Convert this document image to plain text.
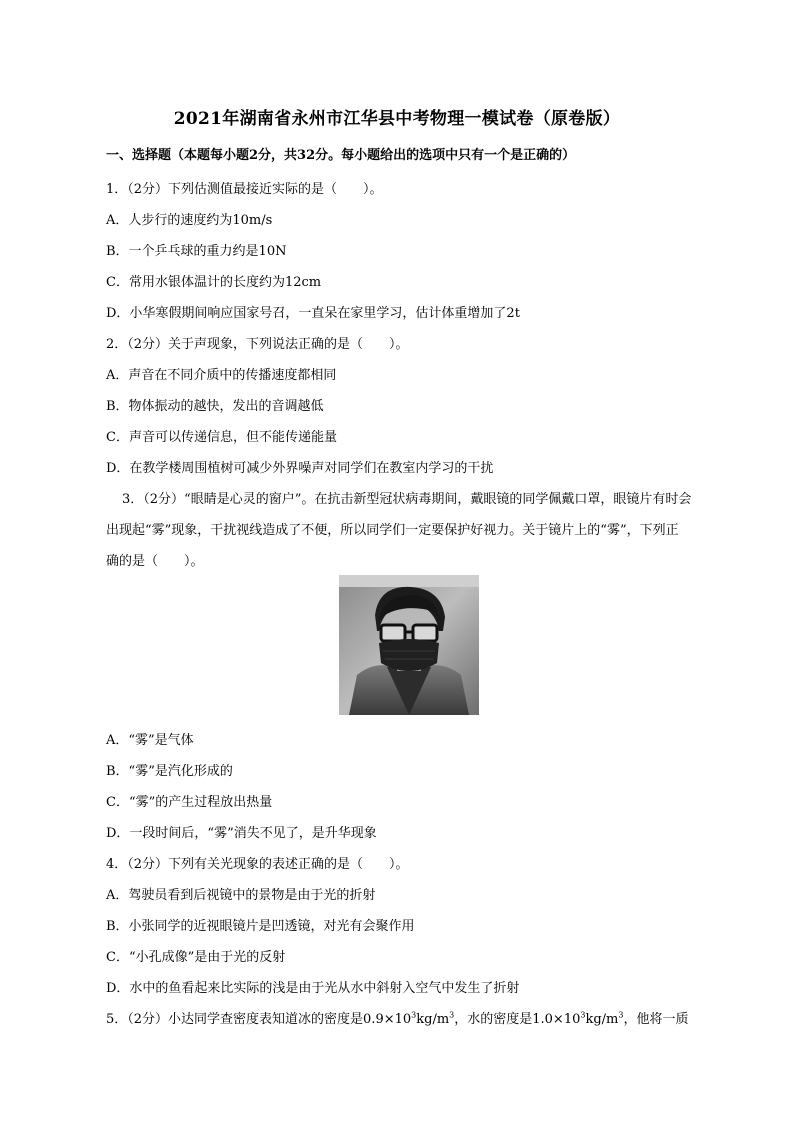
2021年湖南省永州市江华县中考物理一模试卷（原卷版）
一、选择题（本题每小题2分，共32分。每小题给出的选项中只有一个是正确的）
1．（2分）下列估测值最接近实际的是（　　）。
A．人步行的速度约为10m/s
B．一个乒乓球的重力约是10N
C．常用水银体温计的长度约为12cm
D．小华寒假期间响应国家号召，一直呆在家里学习，估计体重增加了2t
2．（2分）关于声现象，下列说法正确的是（　　）。
A．声音在不同介质中的传播速度都相同
B．物体振动的越快，发出的音调越低
C．声音可以传递信息，但不能传递能量
D．在教学楼周围植树可减少外界噪声对同学们在教室内学习的干扰
3．（2分）“眼睛是心灵的窗户”。在抗击新型冠状病毒期间，戴眼镜的同学佩戴口罩，眼镜片有时会
出现起“雾”现象，干扰视线造成了不便，所以同学们一定要保护好视力。关于镜片上的“雾”，下列正
确的是（　　）。
A．“雾”是气体
B．“雾”是汽化形成的
C．“雾”的产生过程放出热量
D．一段时间后，“雾”消失不见了，是升华现象
4．（2分）下列有关光现象的表述正确的是（　　）。
A．驾驶员看到后视镜中的景物是由于光的折射
B．小张同学的近视眼镜片是凹透镜，对光有会聚作用
C．“小孔成像”是由于光的反射
D．水中的鱼看起来比实际的浅是由于光从水中斜射入空气中发生了折射
5．（2分）小达同学查密度表知道冰的密度是$0.9\times 10^3kg/m^3$，水的密度是$1.0\times 10^3kg/m^3$，他将一质
